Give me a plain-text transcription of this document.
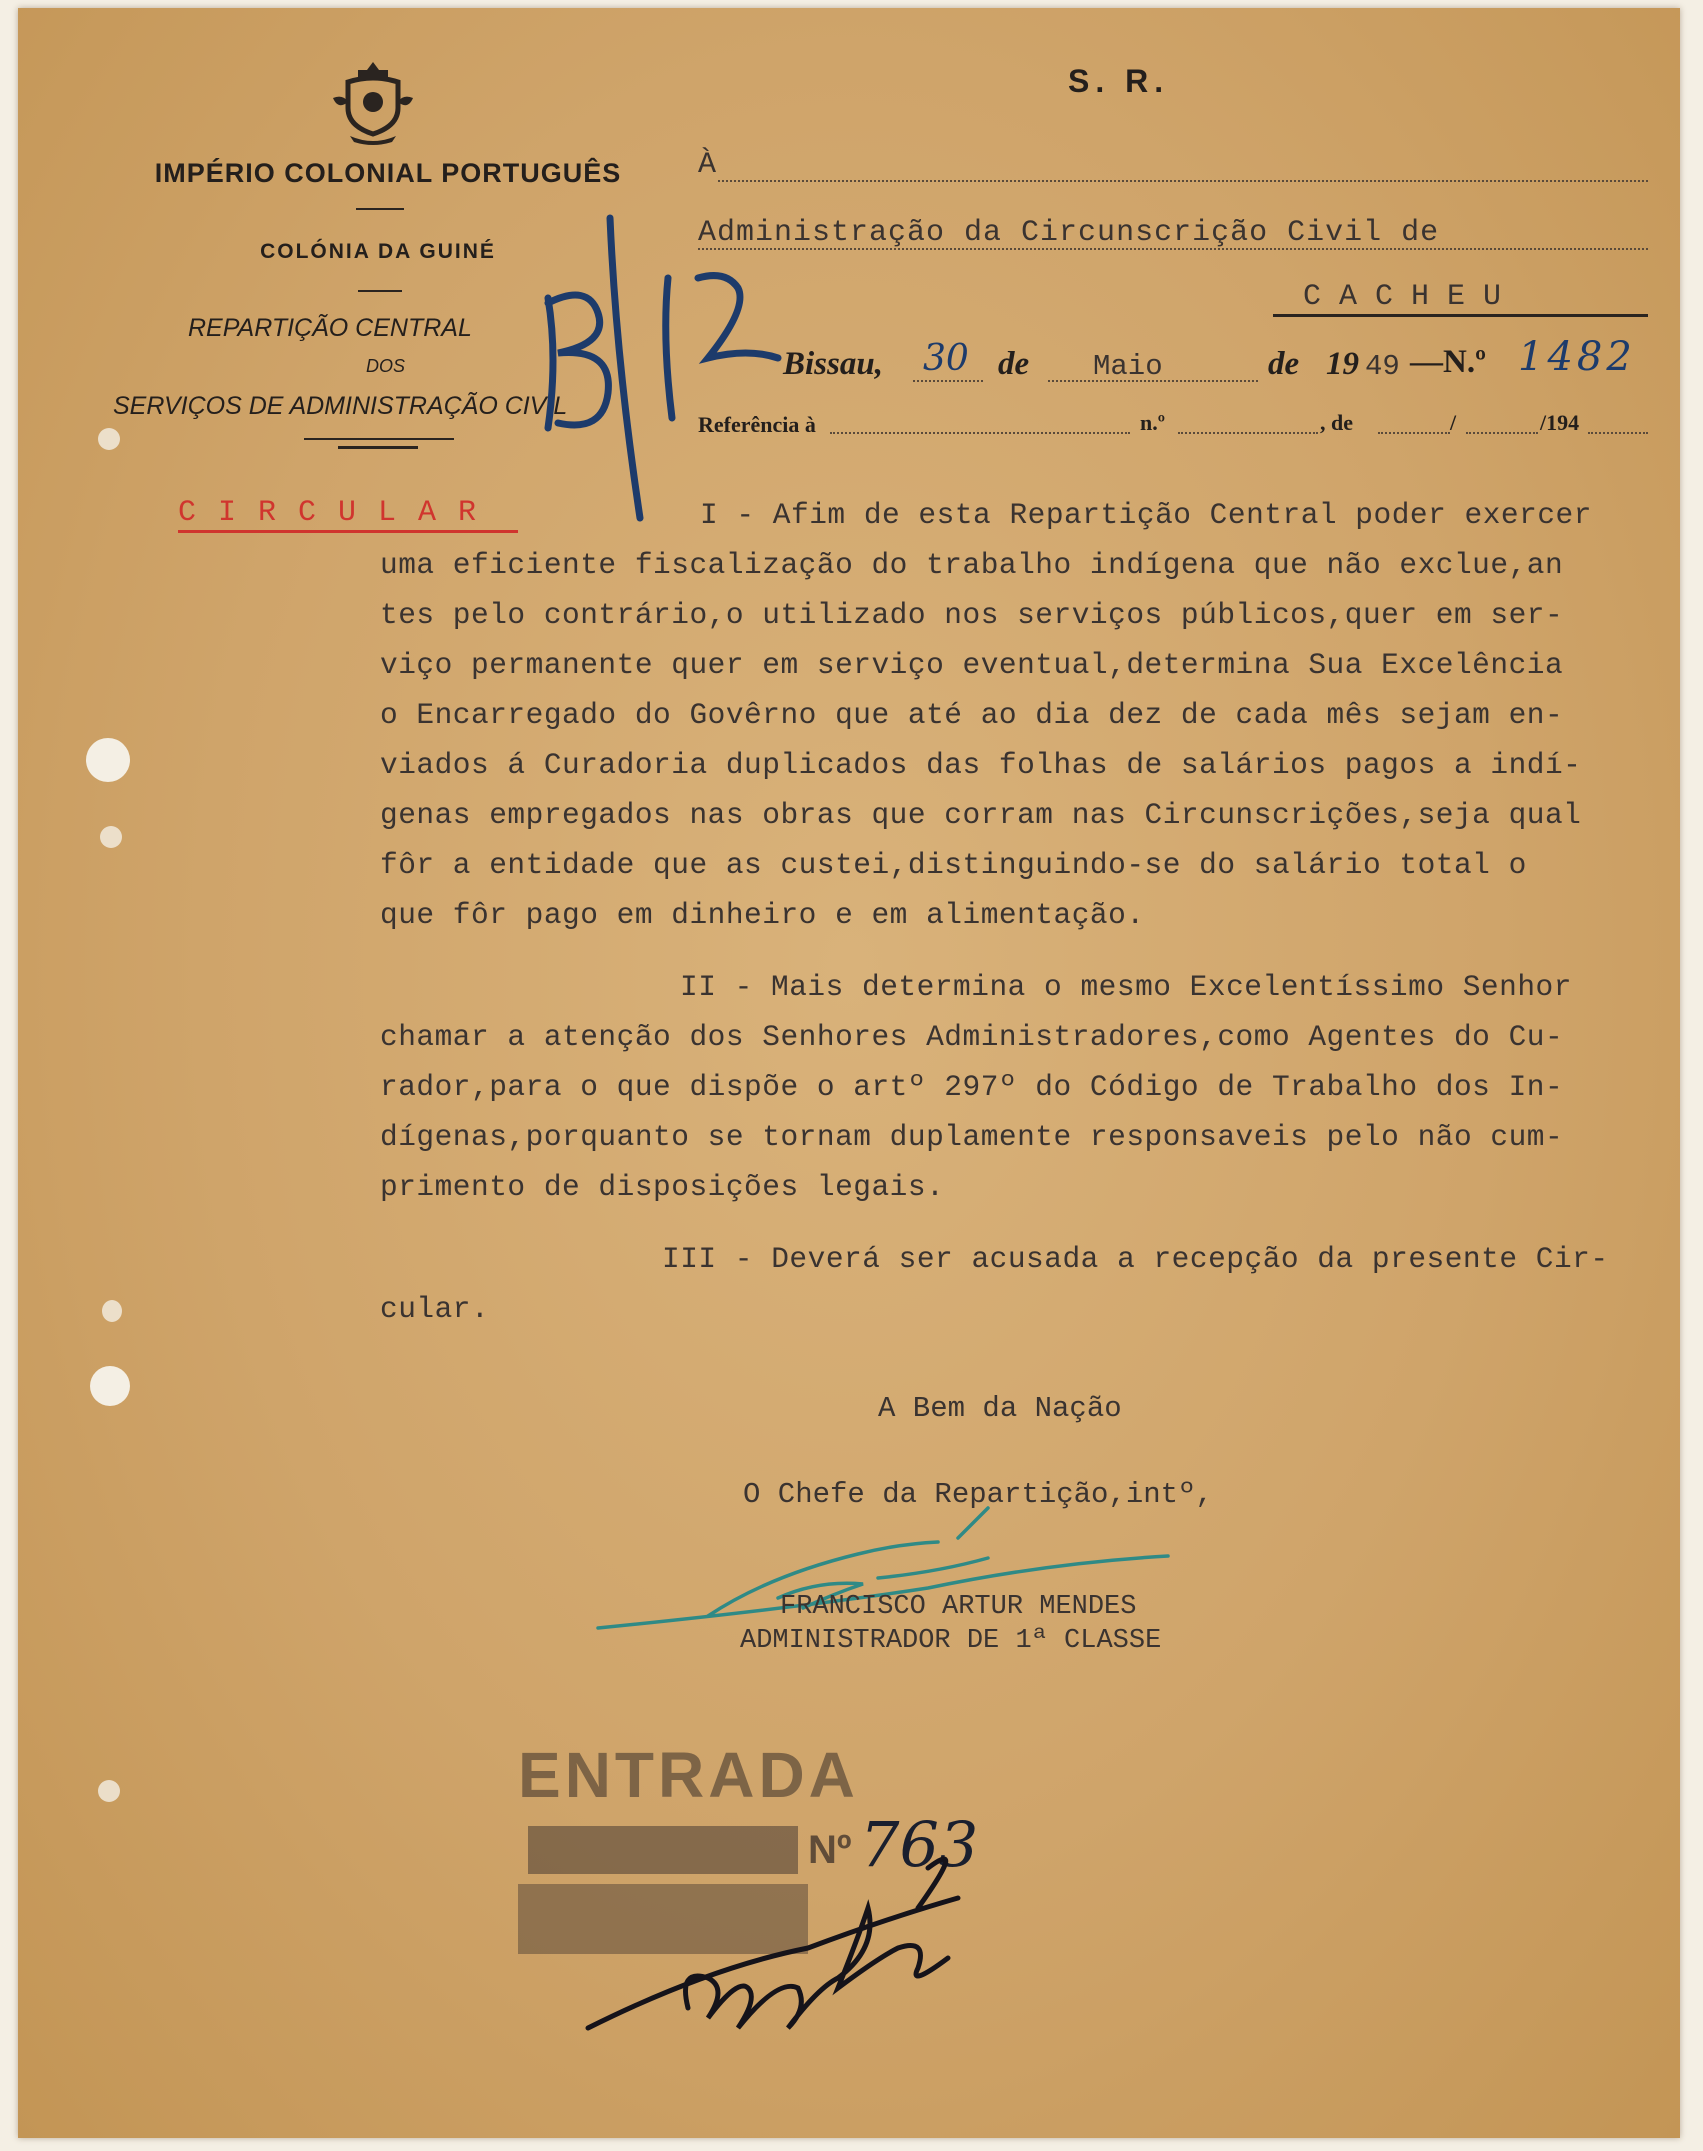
IMPÉRIO COLONIAL PORTUGUÊS
COLÓNIA DA GUINÉ
REPARTIÇÃO CENTRAL
DOS
SERVIÇOS DE ADMINISTRAÇÃO CIVIL
S. R.
À
Administração da Circunscrição Civil de
C A C H E U
Bissau, 30 de Maio	de 19 49 —N.º 1482
Referência à	n.º	, de	/	/194
C I R C U L A R	I - Afim de esta Repartição Central poder exercer
uma eficiente fiscalização do trabalho indígena que não exclue,an
tes pelo contrário,o utilizado nos serviços públicos,quer em ser-
viço permanente quer em serviço eventual,determina Sua Excelência
o Encarregado do Govêrno que até ao dia dez de cada mês sejam en-
viados á Curadoria duplicados das folhas de salários pagos a indí-
genas empregados nas obras que corram nas Circunscrições,seja qual
fôr a entidade que as custei,distinguindo-se do salário total o
que fôr pago em dinheiro e em alimentação.
II - Mais determina o mesmo Excelentíssimo Senhor
chamar a atenção dos Senhores Administradores,como Agentes do Cu-
rador,para o que dispõe o artº 297º do Código de Trabalho dos In-
dígenas,porquanto se tornam duplamente responsaveis pelo não cum-
primento de disposições legais.
III - Deverá ser acusada a recepção da presente Cir-
cular.
A Bem da Nação
O Chefe da Repartição,intº,
FRANCISCO ARTUR MENDES
ADMINISTRADOR DE 1ª CLASSE
ENTRADA
Nº 763
